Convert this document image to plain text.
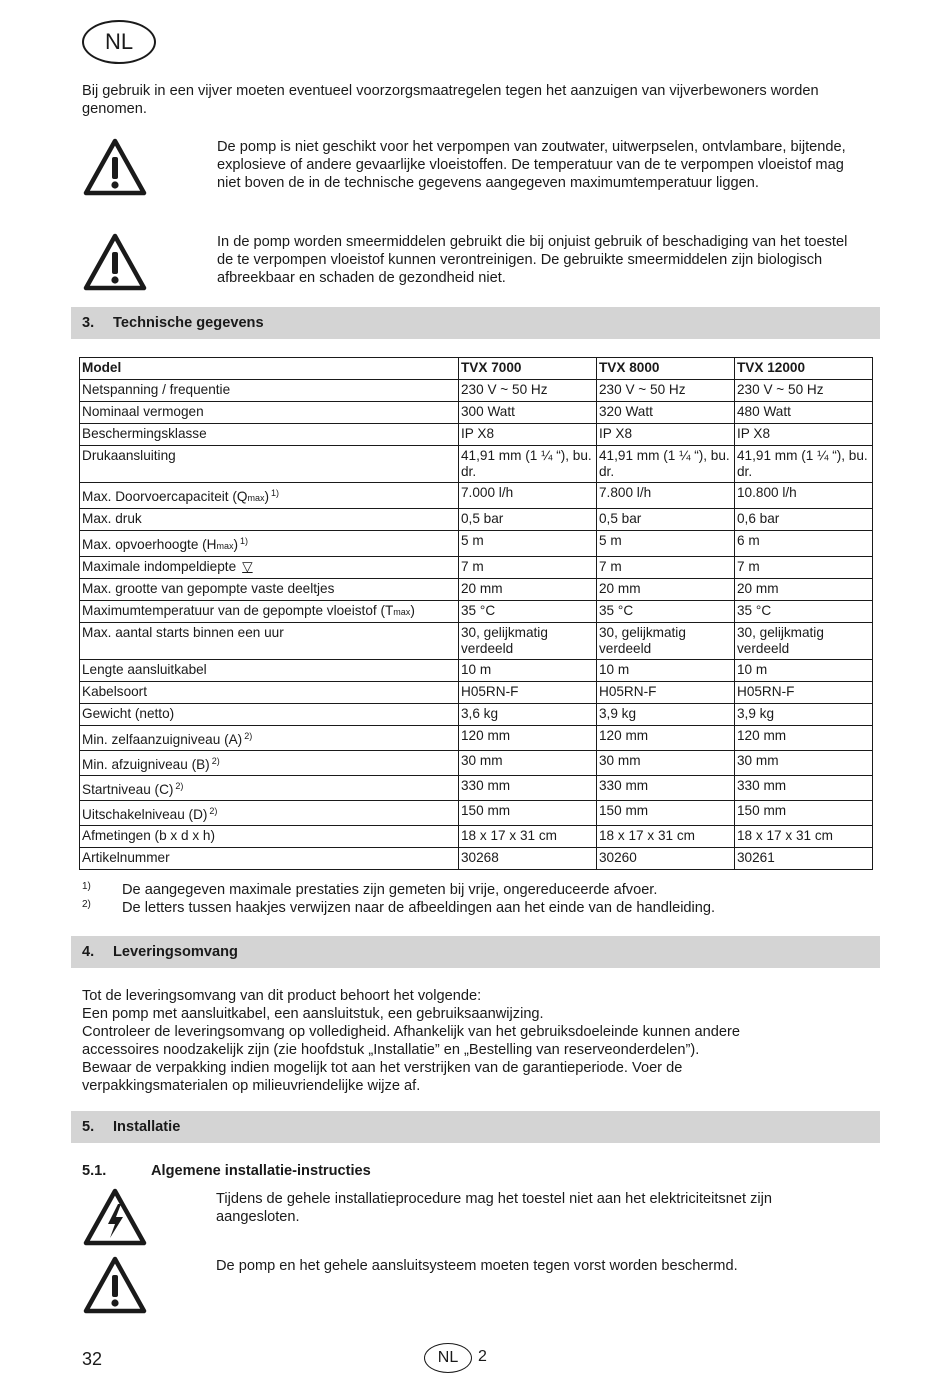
NL

Bij gebruik in een vijver moeten eventueel voorzorgsmaatregelen tegen het aanzuigen van vijverbewoners worden genomen.

De pomp is niet geschikt voor het verpompen van zoutwater, uitwerpselen, ontvlambare, bijtende, explosieve of andere gevaarlijke vloeistoffen. De temperatuur van de te verpompen vloeistof mag niet boven de in de technische gegevens aangegeven maximumtemperatuur liggen.

In de pomp worden smeermiddelen gebruikt die bij onjuist gebruik of beschadiging van het toestel de te verpompen vloeistof kunnen verontreinigen. De gebruikte smeermiddelen zijn biologisch afbreekbaar en schaden de gezondheid niet.

3. Technische gegevens
Model	TVX 7000	TVX 8000	TVX 12000
Netspanning / frequentie	230 V ~ 50 Hz	230 V ~ 50 Hz	230 V ~ 50 Hz
Nominaal vermogen	300 Watt	320 Watt	480 Watt
Beschermingsklasse	IP X8	IP X8	IP X8
Drukaansluiting	41,91 mm (1 ¼ “), bu. dr.	41,91 mm (1 ¼ “), bu. dr.	41,91 mm (1 ¼ “), bu. dr.
Max. Doorvoercapaciteit (Qmax) $^{1)}$	7.000 l/h	7.800 l/h	10.800 l/h
Max. druk	0,5 bar	0,5 bar	0,6 bar
Max. opvoerhoogte (Hmax) $^{1)}$	5 m	5 m	6 m
Maximale indompeldiepte ▽	7 m	7 m	7 m
Max. grootte van gepompte vaste deeltjes	20 mm	20 mm	20 mm
Maximumtemperatuur van de gepompte vloeistof (Tmax)	35 °C	35 °C	35 °C
Max. aantal starts binnen een uur	30, gelijkmatig verdeeld	30, gelijkmatig verdeeld	30, gelijkmatig verdeeld
Lengte aansluitkabel	10 m	10 m	10 m
Kabelsoort	H05RN-F	H05RN-F	H05RN-F
Gewicht (netto)	3,6 kg	3,9 kg	3,9 kg
Min. zelfaanzuigniveau (A) $^{2)}$	120 mm	120 mm	120 mm
Min. afzuigniveau (B) $^{2)}$	30 mm	30 mm	30 mm
Startniveau (C) $^{2)}$	330 mm	330 mm	330 mm
Uitschakelniveau (D) $^{2)}$	150 mm	150 mm	150 mm
Afmetingen (b x d x h)	18 x 17 x 31 cm	18 x 17 x 31 cm	18 x 17 x 31 cm
Artikelnummer	30268	30260	30261
1) De aangegeven maximale prestaties zijn gemeten bij vrije, ongereduceerde afvoer.
2) De letters tussen haakjes verwijzen naar de afbeeldingen aan het einde van de handleiding.
4. Leveringsomvang

Tot de leveringsomvang van dit product behoort het volgende:

Een pomp met aansluitkabel, een aansluitstuk, een gebruiksaanwijzing.

Controleer de leveringsomvang op volledigheid. Afhankelijk van het gebruiksdoeleinde kunnen andere accessoires noodzakelijk zijn (zie hoofdstuk „Installatie” en „Bestelling van reserveonderdelen”).

Bewaar de verpakking indien mogelijk tot aan het verstrijken van de garantieperiode. Voer de verpakkingsmaterialen op milieuvriendelijke wijze af.

5. Installatie
5.1.	Algemene installatie-instructies

Tijdens de gehele installatieprocedure mag het toestel niet aan het elektriciteitsnet zijn aangesloten.

De pomp en het gehele aansluitsysteem moeten tegen vorst worden beschermd.

32	NL	2
